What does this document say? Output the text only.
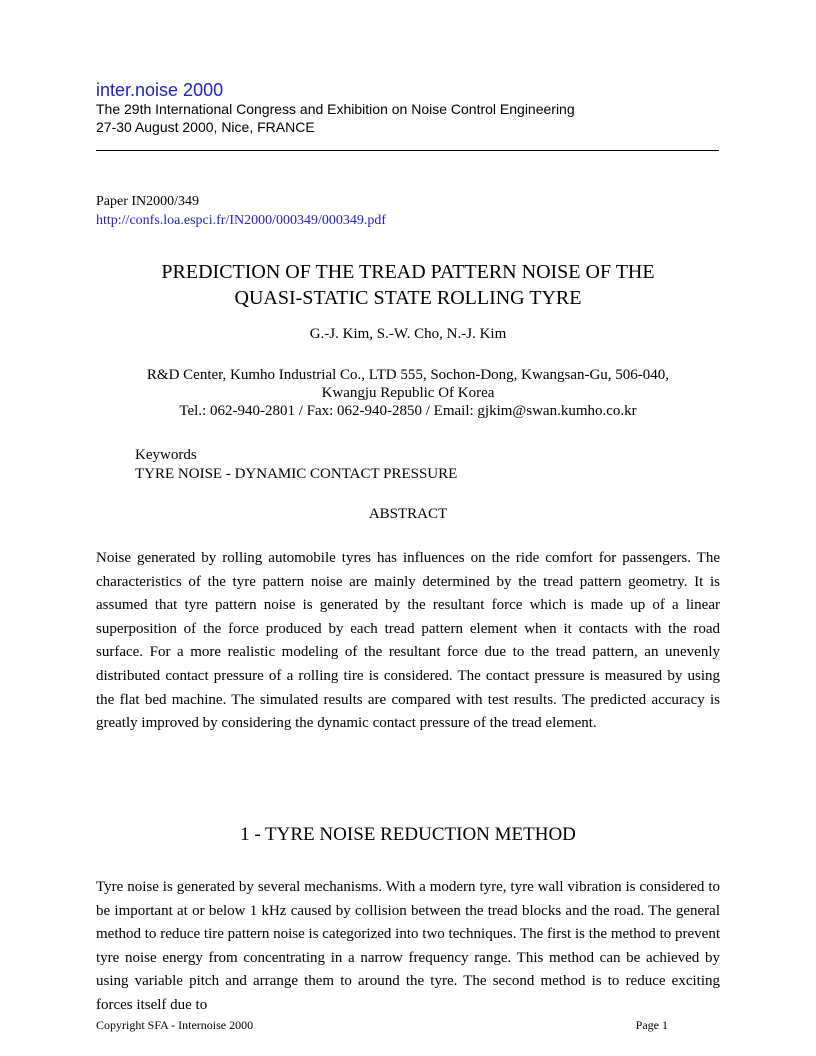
inter.noise 2000
The 29th International Congress and Exhibition on Noise Control Engineering
27-30 August 2000, Nice, FRANCE
Paper IN2000/349
http://confs.loa.espci.fr/IN2000/000349/000349.pdf
PREDICTION OF THE TREAD PATTERN NOISE OF THE
QUASI-STATIC STATE ROLLING TYRE
G.-J. Kim, S.-W. Cho, N.-J. Kim
R&D Center, Kumho Industrial Co., LTD 555, Sochon-Dong, Kwangsan-Gu, 506-040,
Kwangju Republic Of Korea
Tel.: 062-940-2801 / Fax: 062-940-2850 / Email: gjkim@swan.kumho.co.kr
Keywords
TYRE NOISE - DYNAMIC CONTACT PRESSURE
ABSTRACT
Noise generated by rolling automobile tyres has influences on the ride comfort for passengers. The characteristics of the tyre pattern noise are mainly determined by the tread pattern geometry. It is assumed that tyre pattern noise is generated by the resultant force which is made up of a linear superposition of the force produced by each tread pattern element when it contacts with the road surface. For a more realistic modeling of the resultant force due to the tread pattern, an unevenly distributed contact pressure of a rolling tire is considered. The contact pressure is measured by using the flat bed machine. The simulated results are compared with test results. The predicted accuracy is greatly improved by considering the dynamic contact pressure of the tread element.
1 - TYRE NOISE REDUCTION METHOD
Tyre noise is generated by several mechanisms. With a modern tyre, tyre wall vibration is considered to be important at or below 1 kHz caused by collision between the tread blocks and the road. The general method to reduce tire pattern noise is categorized into two techniques. The first is the method to prevent tyre noise energy from concentrating in a narrow frequency range. This method can be achieved by using variable pitch and arrange them to around the tyre. The second method is to reduce exciting forces itself due to
Copyright SFA - Internoise 2000	Page 1
